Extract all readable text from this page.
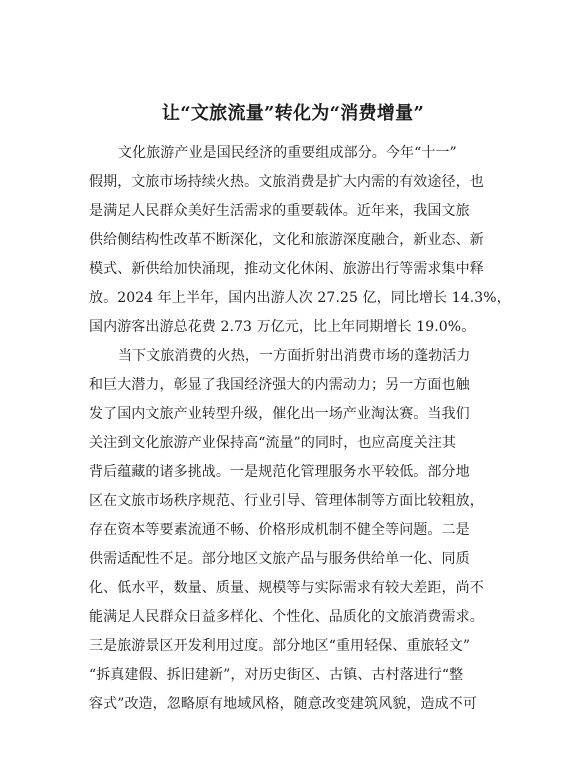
让“文旅流量”转化为“消费增量”
文化旅游产业是国民经济的重要组成部分。今年“十一”
假期，文旅市场持续火热。文旅消费是扩大内需的有效途径，也
是满足人民群众美好生活需求的重要载体。近年来，我国文旅
供给侧结构性改革不断深化，文化和旅游深度融合，新业态、新
模式、新供给加快涌现，推动文化休闲、旅游出行等需求集中释
放。2024 年上半年，国内出游人次 27.25 亿，同比增长 14.3%，
国内游客出游总花费 2.73 万亿元，比上年同期增长 19.0%。
当下文旅消费的火热，一方面折射出消费市场的蓬勃活力
和巨大潜力，彰显了我国经济强大的内需动力；另一方面也触
发了国内文旅产业转型升级，催化出一场产业淘汰赛。当我们
关注到文化旅游产业保持高“流量”的同时，也应高度关注其
背后蕴藏的诸多挑战。一是规范化管理服务水平较低。部分地
区在文旅市场秩序规范、行业引导、管理体制等方面比较粗放，
存在资本等要素流通不畅、价格形成机制不健全等问题。二是
供需适配性不足。部分地区文旅产品与服务供给单一化、同质
化、低水平，数量、质量、规模等与实际需求有较大差距，尚不
能满足人民群众日益多样化、个性化、品质化的文旅消费需求。
三是旅游景区开发利用过度。部分地区“重用轻保、重旅轻文”
“拆真建假、拆旧建新”，对历史街区、古镇、古村落进行“整
容式”改造，忽略原有地域风格，随意改变建筑风貌，造成不可
